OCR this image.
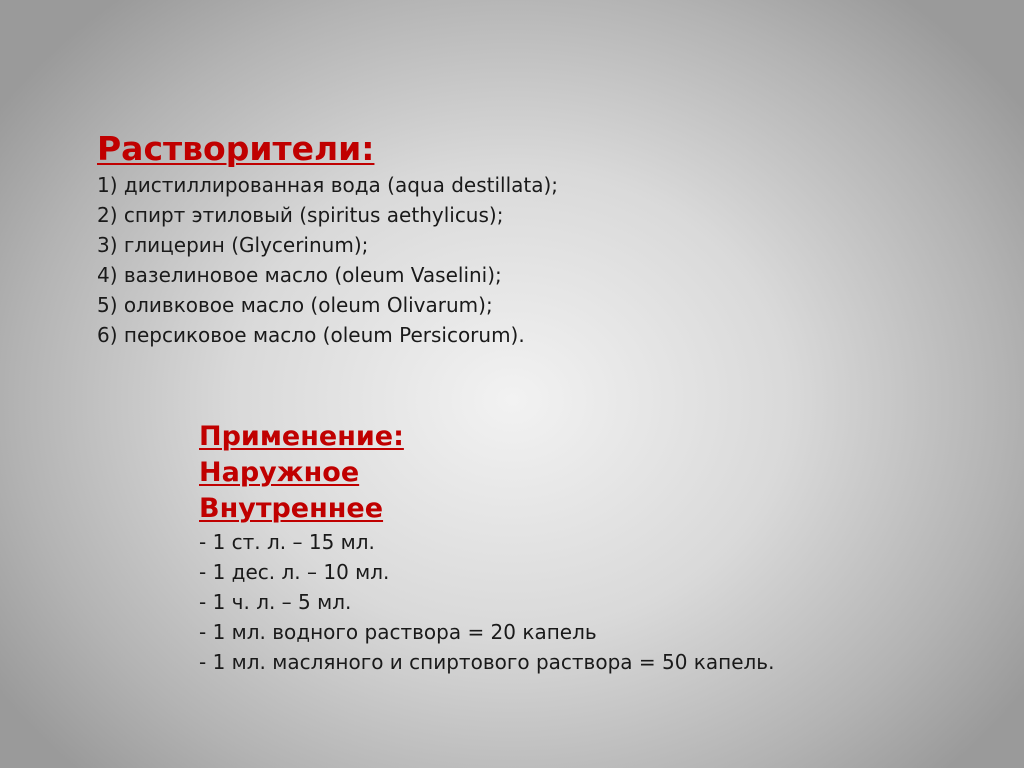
Растворители:
1) дистиллированная вода (aqua destillata);
2) спирт этиловый (spiritus aethylicus);
3) глицерин (Glycerinum);
4) вазелиновое масло (oleum Vaselini);
5) оливковое масло (oleum Olivarum);
6) персиковое масло (oleum Persicorum).
Применение:
Наружное
Внутреннее
- 1 ст. л. – 15 мл.
- 1 дес. л. – 10 мл.
- 1 ч. л. – 5 мл.
- 1 мл. водного раствора = 20 капель
- 1 мл. масляного и спиртового раствора = 50 капель.
